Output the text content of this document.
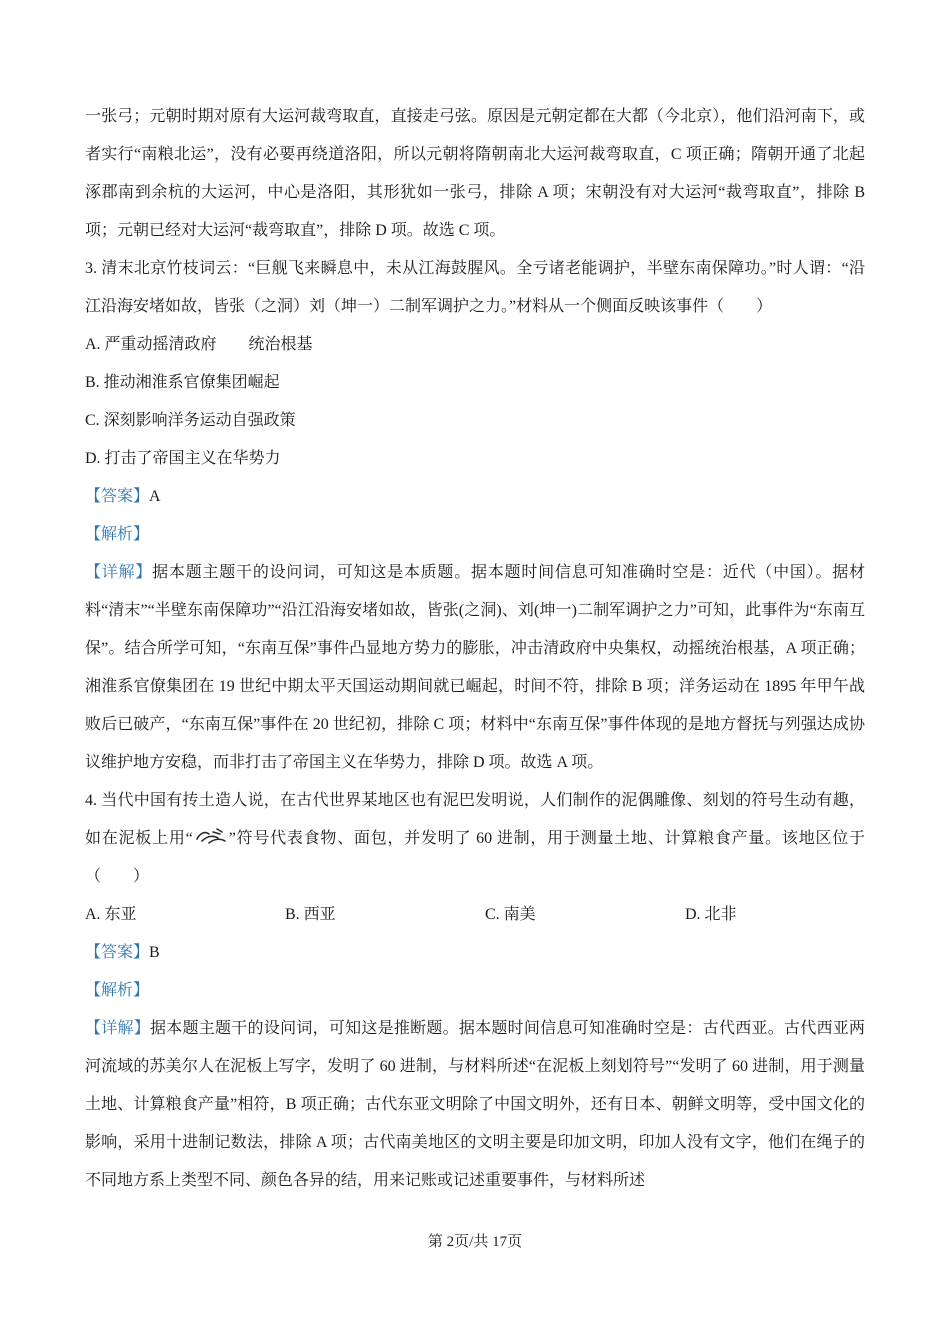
一张弓；元朝时期对原有大运河裁弯取直，直接走弓弦。原因是元朝定都在大都（今北京），他们沿河南下，或者实行“南粮北运”，没有必要再绕道洛阳，所以元朝将隋朝南北大运河裁弯取直，C 项正确；隋朝开通了北起涿郡南到余杭的大运河，中心是洛阳，其形犹如一张弓，排除 A 项；宋朝没有对大运河“裁弯取直”，排除 B 项；元朝已经对大运河“裁弯取直”，排除 D 项。故选 C 项。

3. 清末北京竹枝词云：“巨舰飞来瞬息中，未从江海鼓腥风。全亏诸老能调护，半壁东南保障功。”时人谓：“沿江沿海安堵如故，皆张（之洞）刘（坤一）二制军调护之力。”材料从一个侧面反映该事件（　　）

A. 严重动摇清政府　　统治根基

B. 推动湘淮系官僚集团崛起

C. 深刻影响洋务运动自强政策

D. 打击了帝国主义在华势力

【答案】A

【解析】

【详解】据本题主题干的设问词，可知这是本质题。据本题时间信息可知准确时空是：近代（中国）。据材料“清末”“半壁东南保障功”“沿江沿海安堵如故，皆张(之洞)、刘(坤一)二制军调护之力”可知，此事件为“东南互保”。结合所学可知，“东南互保”事件凸显地方势力的膨胀，冲击清政府中央集权，动摇统治根基，A 项正确；湘淮系官僚集团在 19 世纪中期太平天国运动期间就已崛起，时间不符，排除 B 项；洋务运动在 1895 年甲午战败后已破产，“东南互保”事件在 20 世纪初，排除 C 项；材料中“东南互保”事件体现的是地方督抚与列强达成协议维护地方安稳，而非打击了帝国主义在华势力，排除 D 项。故选 A 项。

4. 当代中国有抟土造人说，在古代世界某地区也有泥巴发明说，人们制作的泥偶雕像、刻划的符号生动有趣，如在泥板上用“ ”符号代表食物、面包，并发明了 60 进制，用于测量土地、计算粮食产量。该地区位于（　　）

A. 东亚	B. 西亚	C. 南美	D. 北非

【答案】B

【解析】

【详解】据本题主题干的设问词，可知这是推断题。据本题时间信息可知准确时空是：古代西亚。古代西亚两河流域的苏美尔人在泥板上写字，发明了 60 进制，与材料所述“在泥板上刻划符号”“发明了 60 进制，用于测量土地、计算粮食产量”相符，B 项正确；古代东亚文明除了中国文明外，还有日本、朝鲜文明等，受中国文化的影响，采用十进制记数法，排除 A 项；古代南美地区的文明主要是印加文明，印加人没有文字，他们在绳子的不同地方系上类型不同、颜色各异的结，用来记账或记述重要事件，与材料所述

第 2页/共 17页
